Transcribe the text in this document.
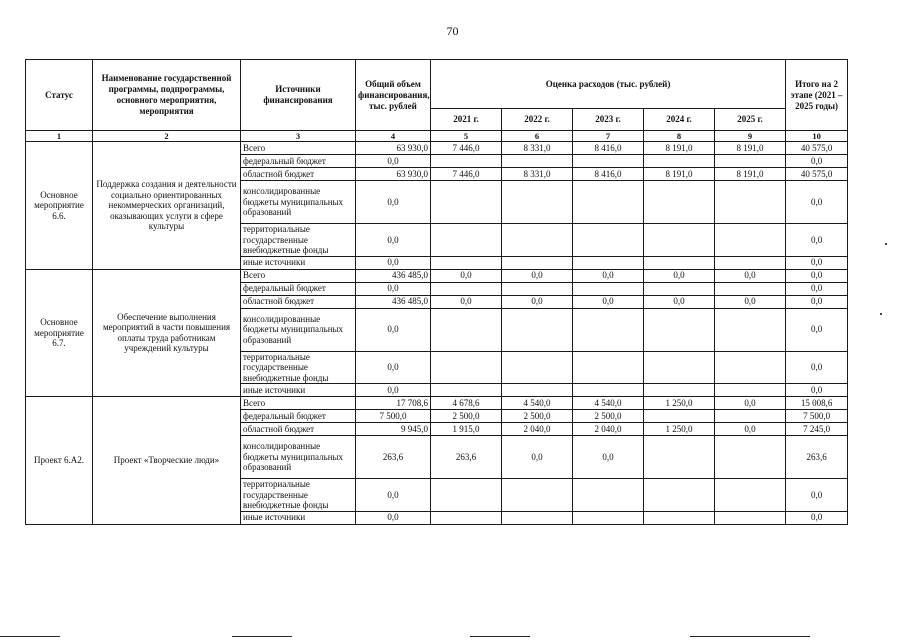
70
Статус	Наименование государственной программы, подпрограммы, основного мероприятия, мероприятия	Источники финансирования	Общий объем финансирования, тыс. рублей	Оценка расходов (тыс. рублей)					Итого на 2 этапе (2021 – 2025 годы)
				2021 г.	2022 г.	2023 г.	2024 г.	2025 г.	
1	2	3	4	5	6	7	8	9	10
Основное мероприятие 6.6.	Поддержка создания и деятельности социально ориентированных некоммерческих организаций, оказывающих услуги в сфере культуры	Всего	63 930,0	7 446,0	8 331,0	8 416,0	8 191,0	8 191,0	40 575,0
		федеральный бюджет	0,0						0,0
		областной бюджет	63 930,0	7 446,0	8 331,0	8 416,0	8 191,0	8 191,0	40 575,0
		консолидированные бюджеты муниципальных образований	0,0						0,0
		территориальные государственные внебюджетные фонды	0,0						0,0
		иные источники	0,0						0,0
Основное мероприятие 6.7.	Обеспечение выполнения мероприятий в части повышения оплаты труда работникам учреждений культуры	Всего	436 485,0	0,0	0,0	0,0	0,0	0,0	0,0
		федеральный бюджет	0,0						0,0
		областной бюджет	436 485,0	0,0	0,0	0,0	0,0	0,0	0,0
		консолидированные бюджеты муниципальных образований	0,0						0,0
		территориальные государственные внебюджетные фонды	0,0						0,0
		иные источники	0,0						0,0
Проект 6.А2.	Проект «Творческие люди»	Всего	17 708,6	4 678,6	4 540,0	4 540,0	1 250,0	0,0	15 008,6
		федеральный бюджет	7 500,0	2 500,0	2 500,0	2 500,0			7 500,0
		областной бюджет	9 945,0	1 915,0	2 040,0	2 040,0	1 250,0	0,0	7 245,0
		консолидированные бюджеты муниципальных образований	263,6	263,6	0,0	0,0			263,6
		территориальные государственные внебюджетные фонды	0,0						0,0
		иные источники	0,0						0,0
